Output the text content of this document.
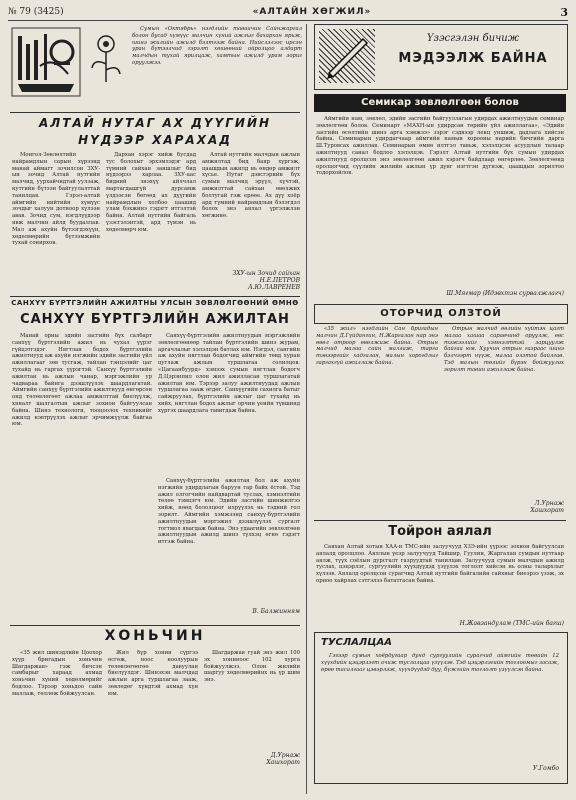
№ 79 (3425)	«АЛТАЙН ХӨГЖИЛ»	3

Сумын «Октябрь» нэгдлийн таваачин Сайнжаргал болон бусад хүмүүс малчин хүний ажлыг бахархан ярьж, шинэ жилийн ажилд бэлтгэж байна. Нийслэлээс ирсэн уран бүтээлчид гэрэлт хөшөөний ойролцоо алдарт малчдын тухай ярилцаж, хамтын ажилд урам зориг оруулжээ.

АЛТАЙ НУТАГ АХ ДҮҮГИЙН
НҮДЭЭР ХАРАХАД

Монгол-Зөвлөлтийн найрамдлын сарын хүрээнд манай аймагт зочилсон ЗХУ-ын зочид Алтай нутгийн малчид, уурхайчидтай уулзаж, нутгийн бүтээн байгуулалттай танилцав. Гэрэл-алтай аймгийн нийтийн хүмүүс зочдыг халуун дотноор хүлээн авав. Зочид сум, нэгдлүүдээр явж малчин айлд буудаллав. Мал аж ахуйн бүтээгдэхүүн, хөдөлмөрийн бүтээмжийн тухай сонирхов.

Дархан хэрэг хийж бусдад тус болохыг эрхэмлэдэг ард түмний сайхан заншлыг бид нүдээрээ харлаа. ЗХУ-аас бидний энэхүү айлчлал мартагдашгүй дурсамж үлдээсэн бөгөөд ах дүүгийн найрамдлын холбоо цаашид улам бэхжинэ гэдэгт итгэлтэй байна. Алтай нутгийн байгаль үзэсгэлэнтэй, ард түмэн нь хөдөлмөрч юм.

Алтай нутгийн малчдын ажлын амжилтад бид баяр хүргэж, цаашдын ажилд нь өндөр амжилт хүсье. Нутаг дэвсгэрийн бүх сумын малчид эрүүл, хүчтэй, амжилттай сайхан өвөлжих болтугай гэж ерөөе. Ах дүү хоёр ард түмний найрамдлын бэлэгдэл болох энэ аялал үргэлжлэн хөгжинө.

ЗХУ-ын Зочид сайхан
Н.Е.ПЕТРОВ
А.Ю.ЛАВРЕНЕВ
САНХҮҮ БҮРТГЭЛИЙН АЖИЛТНЫ УЛСЫН ЗӨВЛӨЛГӨӨНИЙ ӨМНӨ
САНХҮҮ БҮРТГЭЛИЙН АЖИЛТАН

Манай орны эдийн засгийн бүх салбарт санхүү бүртгэлийн ажил нь чухал үүрэг гүйцэтгэдэг. Нягтлан бодох бүртгэлийн ажилтнууд аж ахуйн нэгжийн эдийн засгийн үйл ажиллагааг зөв тусгаж, тайлан тэнцэлийг цаг тухайд нь гаргах үүрэгтэй. Санхүү бүртгэлийн ажилтан нь ажлын чанар, мэргэжлийн ур чадвараа байнга дээшлүүлэх шаардлагатай. Аймгийн санхүү бүртгэлийн ажилтнууд өнгөрсөн онд төлөвлөгөөт ажлаа амжилттай биелүүлж, хяналт шалгалтын ажлыг зохион байгуулсан байна. Шинэ технологи, тооцоолох техникийг ажилд нэвтрүүлэх ажлыг эрчимжүүлж байгаа юм.

Санхүү-бүртгэлийн ажилтнуудын мэргэжлийн зөвлөлгөөнөөр тайлан бүртгэлийн шинэ журам, аргачлалыг хэлэлцэн батлах юм. Нэгдэл, сангийн аж ахуйн нягтлан бодогчид аймгийн төвд хуран цуглаж ажлын туршлагаа солилцов. «Цагаанбуурд» хэмээх сумын нягтлан бодогч Д.Цэрэнпил олон жил ажилласан туршлагатай ажилтан юм. Тэрээр залуу ажилтнуудад ажлын туршлагаа зааж өгдөг. Санхүүгийн сахилга батыг сайжруулах, бүртгэлийн ажлыг цаг тухайд нь хийх, нягтлан бодох ажлыг орчин үеийн түвшинд хүргэх шаардлага тавигдаж байна.

Санхүү-бүртгэлийн ажилтан бол аж ахуйн нэгжийн удирдлагын баруун гар байх ёстой. Тэд ажил олгогчийн найдвартай туслах, хэмнэлтийн төлөө тэмцэгч юм. Эдийн засгийн шинжилгээ хийж, нөөц бололцоог илрүүлэх нь тэдний гол зорилт. Аймгийн хэмжээнд санхүү-бүртгэлийн ажилтнуудын мэргэжил дээшлүүлэх сургалт тогтмол явагдаж байна. Энэ удаагийн зөвлөлгөөн ажилтнуудын ажилд шинэ түлхэц өгнө гэдэгт итгэж байна.

В. Балжинням
ХОНЬЧИН

«35 жил шинэдлийн Цоохор хүүр бригадын хоньчин Шагдаржав» гэж бичсэн самбарыг хараад ахмад хоньчин хүний хөдөлмөрийг бодлоо. Тэрээр хоньдоо сайн маллаж, төллөж бойжуулсан.

Жил бүр хонин сүргээ өсгөж, ноос ноолуурын төлөвлөгөөгөө давуулан биелүүлдэг. Шинэхэн малчдад ажлын арга туршлагаа зааж, зөвлөдөг хүндтэй ахмад хүн юм.

Шагдаржав гуай энэ жил 100 эх хониноос 102 хурга бойжуулжээ. Олон жилийн шаргуу хөдөлмөрийнх нь үр шим энэ.

Д.Урнаж
Хашхорат
Үзэсгэлэн бичиж
МЭДЭЭЛЖ БАЙНА
Семикар зөвлөлгөөн болов

Аймгийн нам, зөвлөл, эдийн засгийн байгууллагын удирдах ажилтнуудын семинар зөвлөлгөөн болов. Семинарт «МАХН-ын удирдсан төрийн үйл ажиллагаа», «Эдийн засгийн өсөлтийн шинэ арга хэмжээ» зэрэг сэдвээр лекц уншиж, дадлага хийсэн байна. Семинарын удирдагчаар аймгийн намын хорооны нарийн бичгийн дарга Ш.Туровсах ажиллав. Семинарын өмнө илтгэл тавьж, хэлэлцсэн асуудлын талаар ажилтнууд санал бодлоо хэлэлцэв. Гэрэлт Алтай нутгийн бүх сумын удирдах ажилтнууд оролцсон энэ зөвлөлгөөн ажил хэрэгч байдлаар өнгөрлөө. Зөвлөлгөөнд оролцогчид сүүлийн жилийн ажлын үр дүнг нэгтгэн дүгнэж, цаашдын зорилтоо тодорхойлов.

Ш.Мягмар (Идэвхтэн сурвалжлагч)
ОТОРЧИД ОЛЗТОЙ

«35 жил» нэгдлийн Сан бригадын малчин Д.Гүйдангин, Н.Жаргалан нар энэ өвөл отроор өвөлжиж байна. Отрын малчид малаа сайн маллаж, тарга тэвээргийг хадгалан, малын хорогдлыг гаргахгүй ажиллаж байна.

Отрын малчид өвлийн хүйтэн цагт малаа хашаа саравчинд оруулж, өвс тэжээлийг хэмнэлттэй зарцуулж байгаа юм. Хуучин отрын газраас шинэ бэлчээрт нүүж, малаа олзтой байлгав. Тэд малын төлийг бүрэн бойжуулах зорилт тавин ажиллаж байна.

Л.Урнаж
Хашхорат
Тойрон аялал

Саяхан Алтай хотын ХАА-н ТМС-ийн залуучууд ХЗЭ-ийн үүрээс зохион байгуулсан аялалд оролцлоо. Аяллын үеэр залуучууд Тайшир, Гуулин, Жаргалан сумдын нутгаар аялж, түүх соёлын дурсгалт газруудтай танилцав. Залуучууд сумын малчдын ажилд туслах, цэцэрлэг, сургуулийн хүүхдүүдэд үзүүлэх тоглолт хийсэн нь олны талархлыг хүлээв. Аялалд оролцсон сурагчид Алтай нутгийн байгалийн сайхныг биеэрээ үзэж, эх орноо хайрлах сэтгэлээ бататгасан байна.

Н.Жавзандулам (ТМС-ийн багш)
ТУСЛАЛЦАА

Гэгээр сумын хоёрдугаар дунд сургуулийн сурагчид аймгийн төвийн 12 хүүхдийн цэцэрлэгт очиж туслалцаа үзүүлэв. Тэд цэцэрлэгийн тоглоомыг засаж, өрөө тасалгааг цэвэрлэж, хүүхдүүдэд дуу, бүжгийн тоглолт үзүүлсэн байна.

У.Гомбо
